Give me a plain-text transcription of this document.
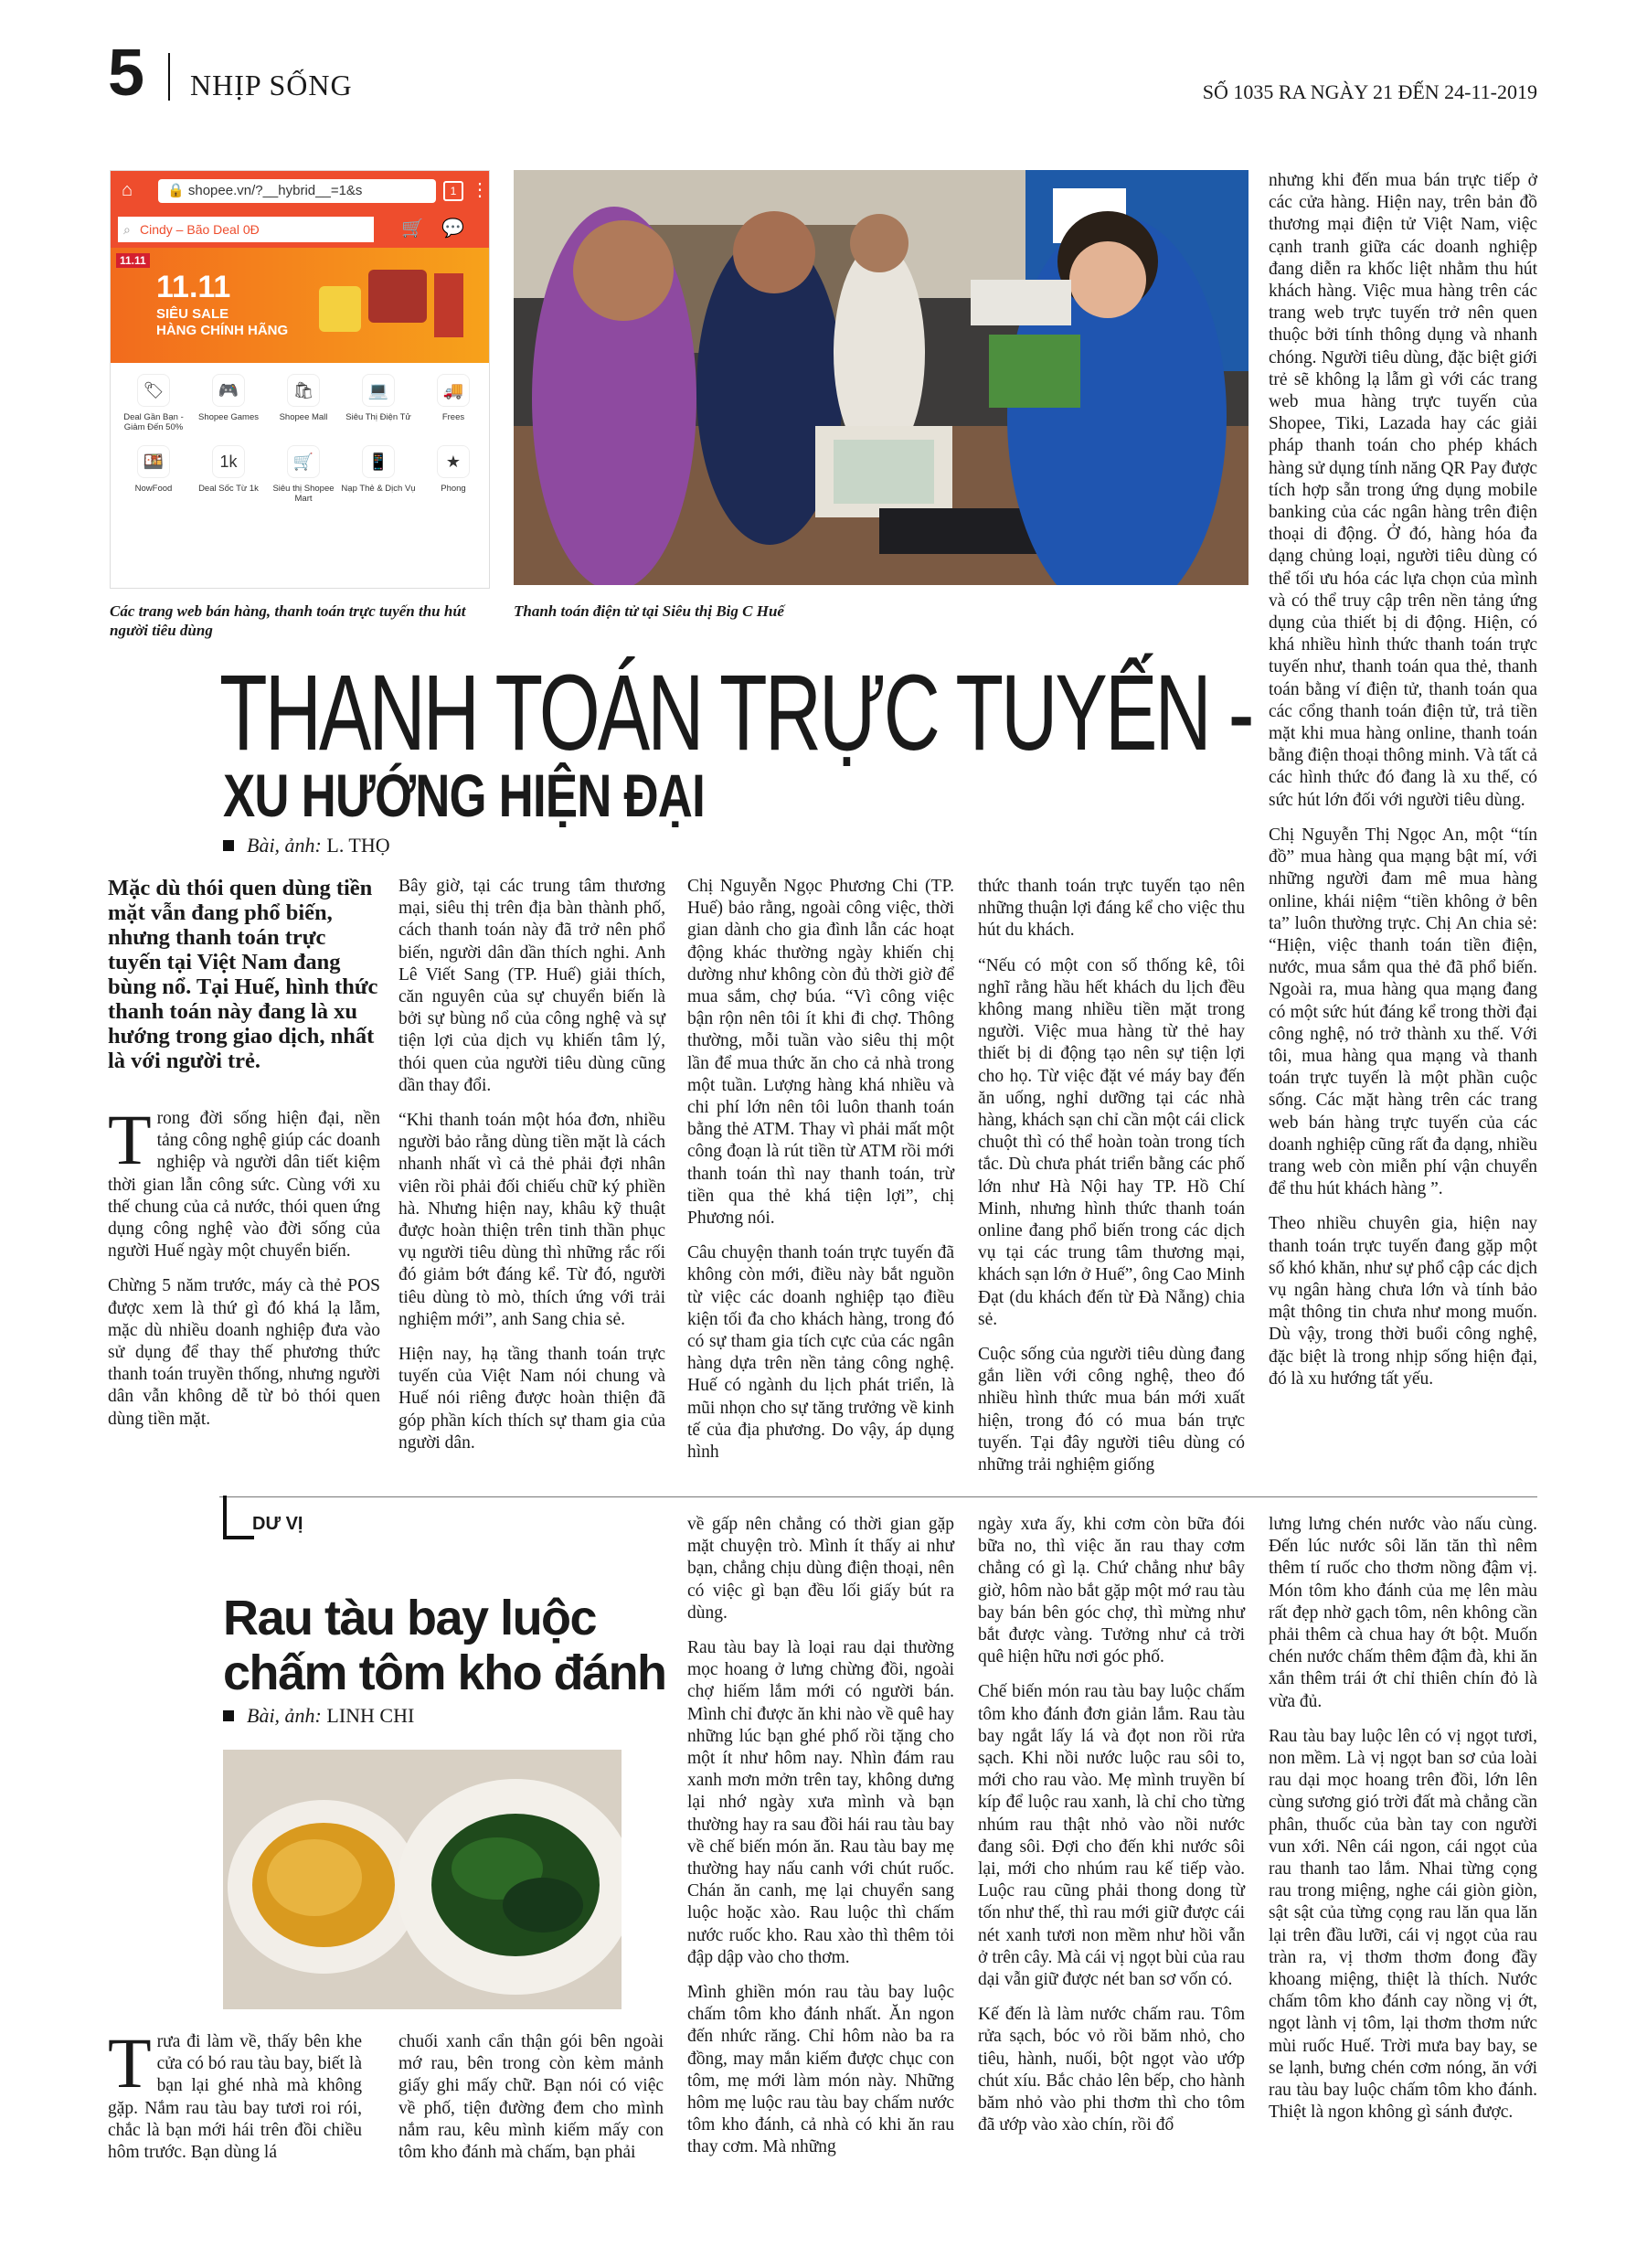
5 NHỊP SỐNG	SỐ 1035 RA NGÀY 21 ĐẾN 24-11-2019
⌂	🔒 shopee.vn/?__hybrid__=1&s	1 ⋮
⌕ Cindy – Bão Deal 0Đ	🛒 💬
11.11
11.11
SIÊU SALE
HÀNG CHÍNH HÃNG
🏷
Deal Gần Bạn - Giảm Đến 50%
🎮
Shopee Games
🛍
Shopee Mall
💻
Siêu Thị Điện Tử
🚚
Frees
🍱
NowFood
1k
Deal Sốc Từ 1k
🛒
Siêu thị Shopee Mart
📱
Nạp Thẻ & Dịch Vụ
★
Phong
Các trang web bán hàng, thanh toán trực tuyến thu hút người tiêu dùng
Thanh toán điện tử tại Siêu thị Big C Huế
THANH TOÁN TRỰC TUYẾN -
XU HƯỚNG HIỆN ĐẠI
Bài, ảnh: L. THỌ

Mặc dù thói quen dùng tiền mặt vẫn đang phổ biến, nhưng thanh toán trực tuyến tại Việt Nam đang bùng nổ. Tại Huế, hình thức thanh toán này đang là xu hướng trong giao dịch, nhất là với người trẻ.

Trong đời sống hiện đại, nền tảng công nghệ giúp các doanh nghiệp và người dân tiết kiệm thời gian lẫn công sức. Cùng với xu thế chung của cả nước, thói quen ứng dụng công nghệ vào đời sống của người Huế ngày một chuyển biến.

Chừng 5 năm trước, máy cà thẻ POS được xem là thứ gì đó khá lạ lẫm, mặc dù nhiều doanh nghiệp đưa vào sử dụng để thay thế phương thức thanh toán truyền thống, nhưng người dân vẫn không dễ từ bỏ thói quen dùng tiền mặt.

Bây giờ, tại các trung tâm thương mại, siêu thị trên địa bàn thành phố, cách thanh toán này đã trở nên phổ biến, người dân dần thích nghi. Anh Lê Viết Sang (TP. Huế) giải thích, căn nguyên của sự chuyển biến là bởi sự bùng nổ của công nghệ và sự tiện lợi của dịch vụ khiến tâm lý, thói quen của người tiêu dùng cũng dần thay đổi.

“Khi thanh toán một hóa đơn, nhiều người bảo rằng dùng tiền mặt là cách nhanh nhất vì cả thẻ phải đợi nhân viên rồi phải đối chiếu chữ ký phiền hà. Nhưng hiện nay, khâu kỹ thuật được hoàn thiện trên tinh thần phục vụ người tiêu dùng thì những rắc rối đó giảm bớt đáng kể. Từ đó, người tiêu dùng tò mò, thích ứng với trải nghiệm mới”, anh Sang chia sẻ.

Hiện nay, hạ tầng thanh toán trực tuyến của Việt Nam nói chung và Huế nói riêng được hoàn thiện đã góp phần kích thích sự tham gia của người dân.

Chị Nguyễn Ngọc Phương Chi (TP. Huế) bảo rằng, ngoài công việc, thời gian dành cho gia đình lẫn các hoạt động khác thường ngày khiến chị dường như không còn đủ thời giờ để mua sắm, chợ búa. “Vì công việc bận rộn nên tôi ít khi đi chợ. Thông thường, mỗi tuần vào siêu thị một lần để mua thức ăn cho cả nhà trong một tuần. Lượng hàng khá nhiều và chi phí lớn nên tôi luôn thanh toán bằng thẻ ATM. Thay vì phải mất một công đoạn là rút tiền từ ATM rồi mới thanh toán thì nay thanh toán, trừ tiền qua thẻ khá tiện lợi”, chị Phương nói.

Câu chuyện thanh toán trực tuyến đã không còn mới, điều này bắt nguồn từ việc các doanh nghiệp tạo điều kiện tối đa cho khách hàng, trong đó có sự tham gia tích cực của các ngân hàng dựa trên nền tảng công nghệ. Huế có ngành du lịch phát triển, là mũi nhọn cho sự tăng trưởng về kinh tế của địa phương. Do vậy, áp dụng hình

thức thanh toán trực tuyến tạo nên những thuận lợi đáng kể cho việc thu hút du khách.

“Nếu có một con số thống kê, tôi nghĩ rằng hầu hết khách du lịch đều không mang nhiều tiền mặt trong người. Việc mua hàng từ thẻ hay thiết bị di động tạo nên sự tiện lợi cho họ. Từ việc đặt vé máy bay đến ăn uống, nghỉ dưỡng tại các nhà hàng, khách sạn chỉ cần một cái click chuột thì có thể hoàn toàn trong tích tắc. Dù chưa phát triển bằng các phố lớn như Hà Nội hay TP. Hồ Chí Minh, nhưng hình thức thanh toán online đang phổ biến trong các dịch vụ tại các trung tâm thương mại, khách sạn lớn ở Huế”, ông Cao Minh Đạt (du khách đến từ Đà Nẵng) chia sẻ.

Cuộc sống của người tiêu dùng đang gắn liền với công nghệ, theo đó nhiều hình thức mua bán mới xuất hiện, trong đó có mua bán trực tuyến. Tại đây người tiêu dùng có những trải nghiệm giống

nhưng khi đến mua bán trực tiếp ở các cửa hàng. Hiện nay, trên bản đồ thương mại điện tử Việt Nam, việc cạnh tranh giữa các doanh nghiệp đang diễn ra khốc liệt nhằm thu hút khách hàng. Việc mua hàng trên các trang web trực tuyến trở nên quen thuộc bởi tính thông dụng và nhanh chóng. Người tiêu dùng, đặc biệt giới trẻ sẽ không lạ lẫm gì với các trang web mua hàng trực tuyến của Shopee, Tiki, Lazada hay các giải pháp thanh toán cho phép khách hàng sử dụng tính năng QR Pay được tích hợp sẵn trong ứng dụng mobile banking của các ngân hàng trên điện thoại di động. Ở đó, hàng hóa đa dạng chủng loại, người tiêu dùng có thể tối ưu hóa các lựa chọn của mình và có thể truy cập trên nền tảng ứng dụng của thiết bị di động. Hiện, có khá nhiều hình thức thanh toán trực tuyến như, thanh toán qua thẻ, thanh toán bằng ví điện tử, thanh toán qua các cổng thanh toán điện tử, trả tiền mặt khi mua hàng online, thanh toán bằng điện thoại thông minh. Và tất cả các hình thức đó đang là xu thế, có sức hút lớn đối với người tiêu dùng.

Chị Nguyễn Thị Ngọc An, một “tín đồ” mua hàng qua mạng bật mí, với những người đam mê mua hàng online, khái niệm “tiền không ở bên ta” luôn thường trực. Chị An chia sẻ: “Hiện, việc thanh toán tiền điện, nước, mua sắm qua thẻ đã phổ biến. Ngoài ra, mua hàng qua mạng đang có một sức hút đáng kể trong thời đại công nghệ, nó trở thành xu thế. Với tôi, mua hàng qua mạng và thanh toán trực tuyến là một phần cuộc sống. Các mặt hàng trên các trang web bán hàng trực tuyến của các doanh nghiệp cũng rất đa dạng, nhiều trang web còn miễn phí vận chuyển để thu hút khách hàng ”.

Theo nhiều chuyên gia, hiện nay thanh toán trực tuyến đang gặp một số khó khăn, như sự phổ cập các dịch vụ ngân hàng chưa lớn và tính bảo mật thông tin chưa như mong muốn. Dù vậy, trong thời buổi công nghệ, đặc biệt là trong nhịp sống hiện đại, đó là xu hướng tất yếu.

DƯ VỊ
Rau tàu bay luộc
chấm tôm kho đánh
Bài, ảnh: LINH CHI

Trưa đi làm về, thấy bên khe cửa có bó rau tàu bay, biết là bạn lại ghé nhà mà không gặp. Nắm rau tàu bay tươi roi rói, chắc là bạn mới hái trên đồi chiều hôm trước. Bạn dùng lá

chuối xanh cẩn thận gói bên ngoài mớ rau, bên trong còn kèm mảnh giấy ghi mấy chữ. Bạn nói có việc về phố, tiện đường đem cho mình nắm rau, kêu mình kiếm mấy con tôm kho đánh mà chấm, bạn phải

về gấp nên chẳng có thời gian gặp mặt chuyện trò. Mình ít thấy ai như bạn, chẳng chịu dùng điện thoại, nên có việc gì bạn đều lối giấy bút ra dùng.

Rau tàu bay là loại rau dại thường mọc hoang ở lưng chừng đồi, ngoài chợ hiếm lắm mới có người bán. Mình chỉ được ăn khi nào về quê hay những lúc bạn ghé phố rồi tặng cho một ít như hôm nay. Nhìn đám rau xanh mơn mởn trên tay, không dưng lại nhớ ngày xưa mình và bạn thường hay ra sau đồi hái rau tàu bay về chế biến món ăn. Rau tàu bay mẹ thường hay nấu canh với chút ruốc. Chán ăn canh, mẹ lại chuyển sang luộc hoặc xào. Rau luộc thì chấm nước ruốc kho. Rau xào thì thêm tỏi đập dập vào cho thơm.

Mình ghiền món rau tàu bay luộc chấm tôm kho đánh nhất. Ăn ngon đến nhức răng. Chỉ hôm nào ba ra đồng, may mắn kiếm được chục con tôm, mẹ mới làm món này. Những hôm mẹ luộc rau tàu bay chấm nước tôm kho đánh, cả nhà có khi ăn rau thay cơm. Mà những

ngày xưa ấy, khi cơm còn bữa đói bữa no, thì việc ăn rau thay cơm chẳng có gì lạ. Chứ chẳng như bây giờ, hôm nào bắt gặp một mớ rau tàu bay bán bên góc chợ, thì mừng như bắt được vàng. Tưởng như cả trời quê hiện hữu nơi góc phố.

Chế biến món rau tàu bay luộc chấm tôm kho đánh đơn giản lắm. Rau tàu bay ngắt lấy lá và đọt non rồi rửa sạch. Khi nồi nước luộc rau sôi to, mới cho rau vào. Mẹ mình truyền bí kíp để luộc rau xanh, là chỉ cho từng nhúm rau thật nhỏ vào nồi nước đang sôi. Đợi cho đến khi nước sôi lại, mới cho nhúm rau kế tiếp vào. Luộc rau cũng phải thong dong từ tốn như thế, thì rau mới giữ được cái nét xanh tươi non mềm như hồi vẫn ở trên cây. Mà cái vị ngọt bùi của rau dại vẫn giữ được nét ban sơ vốn có.

Kế đến là làm nước chấm rau. Tôm rửa sạch, bóc vỏ rồi băm nhỏ, cho tiêu, hành, nuối, bột ngọt vào ướp chút xíu. Bắc chảo lên bếp, cho hành băm nhỏ vào phi thơm thì cho tôm đã ướp vào xào chín, rồi đổ

lưng lưng chén nước vào nấu cùng. Đến lúc nước sôi lăn tăn thì nêm thêm tí ruốc cho thơm nồng đậm vị. Món tôm kho đánh của mẹ lên màu rất đẹp nhờ gạch tôm, nên không cần phải thêm cà chua hay ớt bột. Muốn chén nước chấm thêm đậm đà, khi ăn xắn thêm trái ớt chỉ thiên chín đỏ là vừa đủ.

Rau tàu bay luộc lên có vị ngọt tươi, non mềm. Là vị ngọt ban sơ của loài rau dại mọc hoang trên đồi, lớn lên cùng sương gió trời đất mà chẳng cần phân, thuốc của bàn tay con người vun xới. Nên cái ngon, cái ngọt của rau thanh tao lắm. Nhai từng cọng rau trong miệng, nghe cái giòn giòn, sật sật của từng cọng rau lăn qua lăn lại trên đầu lưỡi, cái vị ngọt của rau tràn ra, vị thơm thơm đong đầy khoang miệng, thiệt là thích. Nước chấm tôm kho đánh cay nồng vị ớt, ngọt lành vị tôm, lại thơm thơm nức mùi ruốc Huế. Trời mưa bay bay, se se lạnh, bưng chén cơm nóng, ăn với rau tàu bay luộc chấm tôm kho đánh. Thiệt là ngon không gì sánh được.
